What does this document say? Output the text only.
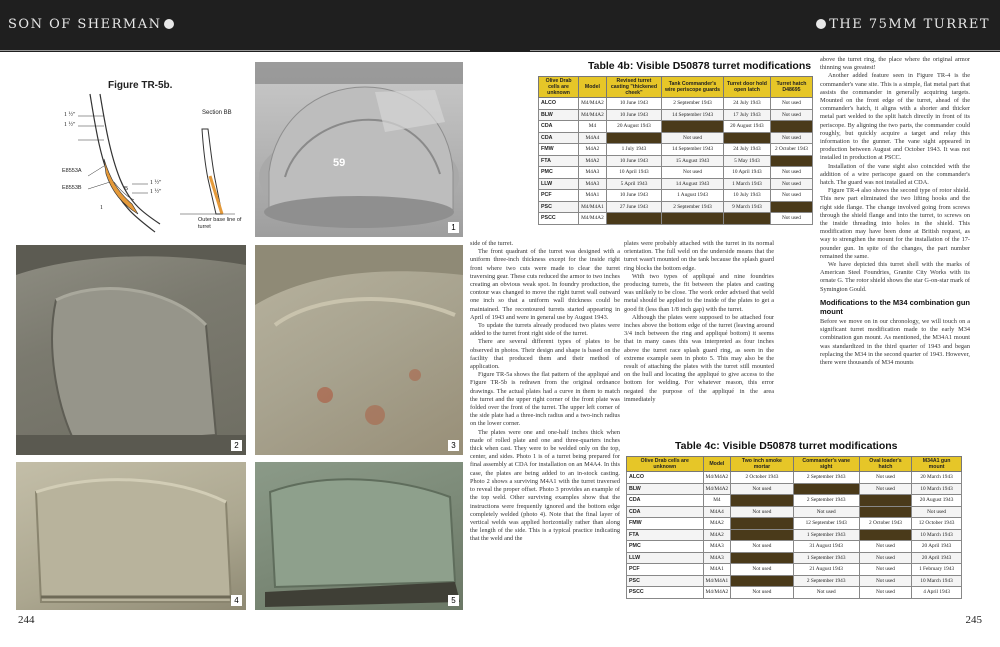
SON OF SHERMAN	THE 75MM TURRET
Figure TR-5b.
Section BB
Outer base line of turret
1 ½"
1 ½"
1 ½"
1 ½"
B
1
E8553A
E8553B
59
1
2	3
4	5
244	245

side of the turret.

The front quadrant of the turret was designed with a uniform three-inch thickness except for the inside right front where two cuts were made to clear the turret traversing gear. These cuts reduced the armor to two inches creating an obvious weak spot. In foundry production, the contour was changed to move the right turret wall outward one inch so that a uniform wall thickness could be maintained. The recontoured turrets started appearing in April of 1943 and were in general use by August 1943.

To update the turrets already produced two plates were added to the turret front right side of the turret.

There are several different types of plates to be observed in photos. Their design and shape is based on the facility that produced them and their method of application.

Figure TR-5a shows the flat pattern of the appliqué and Figure TR-5b is redrawn from the original ordnance drawings. The actual plates had a curve in them to match the turret and the upper right corner of the front plate was folded over the front of the turret. The upper left corner of the side plate had a three-inch radius and a two-inch radius on the lower corner.

The plates were one and one-half inches thick when made of rolled plate and one and three-quarters inches thick when cast. They were to be welded only on the top, center, and sides. Photo 1 is of a turret being prepared for final assembly at CDA for installation on an M4A4. In this case, the plates are being added to an in-stock casting. Photo 2 shows a surviving M4A1 with the turret traversed to reveal the proper offset. Photo 3 provides an example of the top weld. Other surviving examples show that the instructions were frequently ignored and the bottom edge completely welded (photo 4). Note that the final layer of vertical welds was applied horizontally rather than along the length of the side. This is a typical practice indicating that the weld and the

plates were probably attached with the turret in its normal orientation. The full weld on the underside means that the turret wasn't mounted on the tank because the splash guard ring blocks the bottom edge.

With two types of appliqué and nine foundries producing turrets, the fit between the plates and casting was unlikely to be close. The work order advised that weld metal should be applied to the inside of the plates to get a good fit (less than 1/8 inch gap) with the turret.

Although the plates were supposed to be attached four inches above the bottom edge of the turret (leaving around 3/4 inch between the ring and appliqué bottom) it seems that in many cases this was interpreted as four inches above the turret race splash guard ring, as seen in the extreme example seen in photo 5. This may also be the result of attaching the plates with the turret still mounted on the hull and locating the appliqué to give access to the bottom for welding. For whatever reason, this error negated the purpose of the appliqué in the area immediately

above the turret ring, the place where the original armor thinning was greatest!

Another added feature seen in Figure TR-4 is the commander's vane site. This is a simple, flat metal part that assists the commander in generally acquiring targets. Mounted on the front edge of the turret, ahead of the commander's hatch, it aligns with a shorter and thicker metal part welded to the split hatch directly in front of its periscope. By aligning the two parts, the commander could roughly, but quickly acquire a target and relay this information to the gunner. The vane sight appeared in production between August and October 1943. It was not installed in production at PSCC.

Installation of the vane sight also coincided with the addition of a wire periscope guard on the commander's hatch. The guard was not installed at CDA.

Figure TR-4 also shows the second type of rotor shield. This new part eliminated the two lifting hooks and the right side flange. The change involved going from screws through the shield flange and into the turret, to screws on the inside threading into holes in the shield. This modification may have been done at British request, as way to strengthen the mount for the installation of the 17-pounder gun. In spite of the changes, the part number remained the same.

We have depicted this turret shell with the marks of American Steel Foundries, Granite City Works with its ornate G. The rotor shield shows the star G-on-star mark of Symington Gould.

Modifications to the M34 combination gun mount

Before we move on in our chronology, we will touch on a significant turret modification made to the early M34 combination gun mount. As mentioned, the M34A1 mount was standardized in the third quarter of 1943 and began replacing the M34 in the second quarter of 1943. However, there were thousands of M34 mounts

Table 4b: Visible D50878 turret modifications
Olive Drab cells are unknown	Model	Revised turret casting "thickened cheek"	Tank Commander's wire periscope guards	Turret door hold open latch	Turret hatch D48695
ALCO	M4/M4A2	10 June 1943	2 September 1943	24 July 1943	Not used
BLW	M4/M4A2	10 June 1943	14 September 1943	17 July 1943	Not used
CDA	M4	20 August 1943		20 August 1943	
CDA	M4A4		Not used		Not used
FMW	M4A2	1 July 1943	14 September 1943	24 July 1943	2 October 1943
FTA	M4A2	10 June 1943	15 August 1943	5 May 1943	
PMC	M4A3	10 April 1943	Not used	10 April 1943	Not used
LLW	M4A3	5 April 1943	14 August 1943	1 March 1943	Not used
PCF	M4A1	10 June 1943	1 August 1943	10 July 1943	Not used
PSC	M4/M4A1	27 June 1943	2 September 1943	9 March 1943	
PSCC	M4/M4A2				Not used
Table 4c: Visible D50878 turret modifications
Olive Drab cells are unknown	Model	Two inch smoke mortar	Commander's vane sight	Oval loader's hatch	M34A1 gun mount
ALCO	M4/M4A2	2 October 1943	2 September 1943	Not used	20 March 1943
BLW	M4/M4A2	Not used		Not used	10 March 1943
CDA	M4		2 September 1943		20 August 1943
CDA	M4A4	Not used	Not used		Not used
FMW	M4A2		12 September 1943	2 October 1943	12 October 1943
FTA	M4A2		1 September 1943		10 March 1943
PMC	M4A3	Not used	31 August 1943	Not used	20 April 1943
LLW	M4A3		1 September 1943	Not used	20 April 1943
PCF	M4A1	Not used	21 August 1943	Not used	1 February 1943
PSC	M4/M4A1		2 September 1943	Not used	10 March 1943
PSCC	M4/M4A2	Not used	Not used	Not used	4 April 1943
